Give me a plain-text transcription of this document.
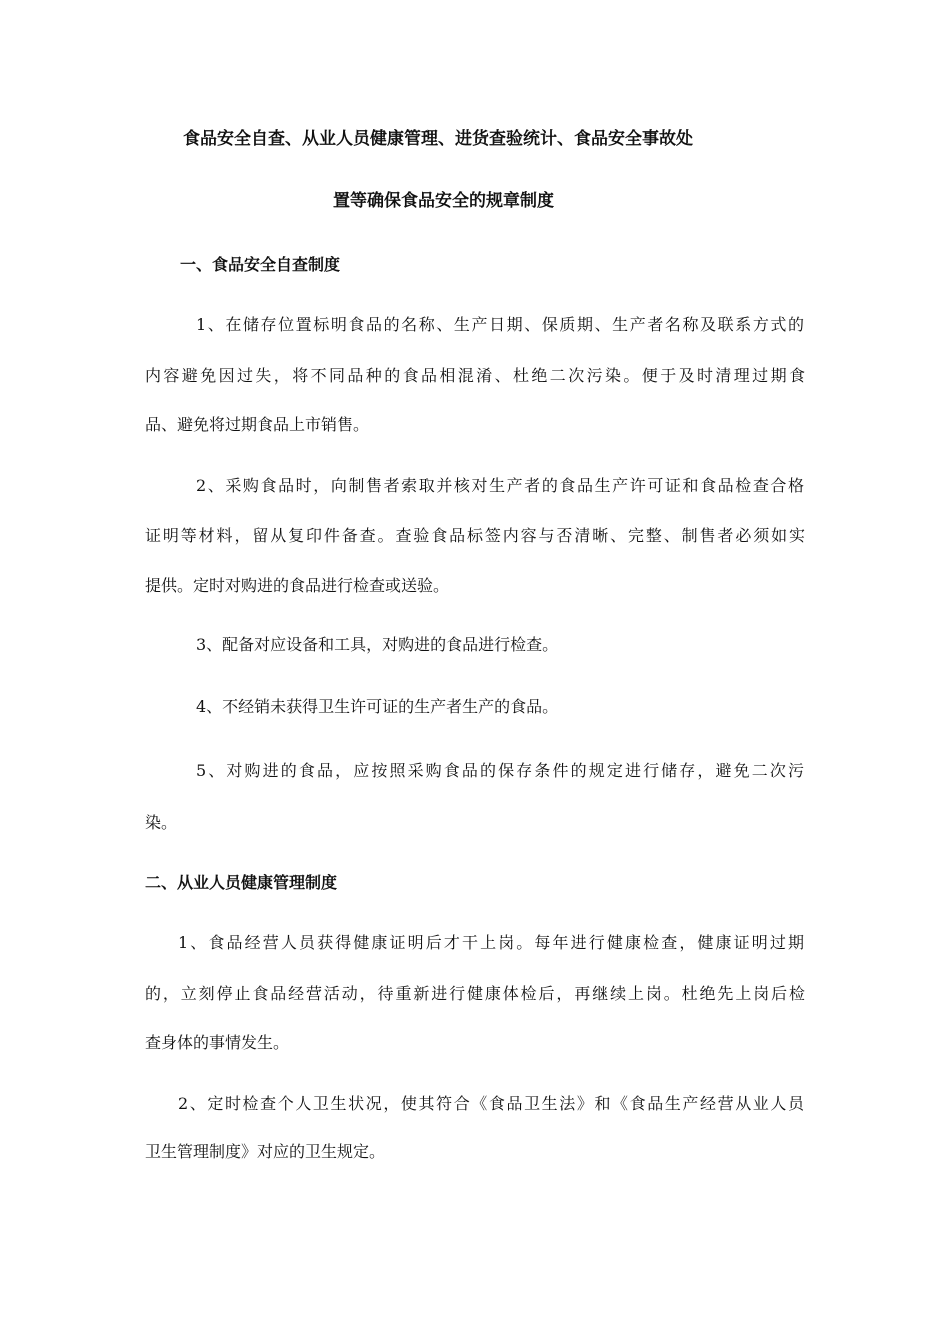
食品安全自查、从业人员健康管理、进货查验统计、食品安全事故处
置等确保食品安全的规章制度
一、食品安全自查制度
1、在储存位置标明食品的名称、生产日期、保质期、生产者名称及联系方式的
内容避免因过失，将不同品种的食品相混淆、杜绝二次污染。便于及时清理过期食
品、避免将过期食品上市销售。
2、采购食品时，向制售者索取并核对生产者的食品生产许可证和食品检查合格
证明等材料，留从复印件备查。查验食品标签内容与否清晰、完整、制售者必须如实
提供。定时对购进的食品进行检查或送验。
3、配备对应设备和工具，对购进的食品进行检查。
4、不经销未获得卫生许可证的生产者生产的食品。
5、对购进的食品，应按照采购食品的保存条件的规定进行储存，避免二次污
染。
二、从业人员健康管理制度
1、食品经营人员获得健康证明后才干上岗。每年进行健康检查，健康证明过期
的，立刻停止食品经营活动，待重新进行健康体检后，再继续上岗。杜绝先上岗后检
查身体的事情发生。
2、定时检查个人卫生状况，使其符合《食品卫生法》和《食品生产经营从业人员
卫生管理制度》对应的卫生规定。
